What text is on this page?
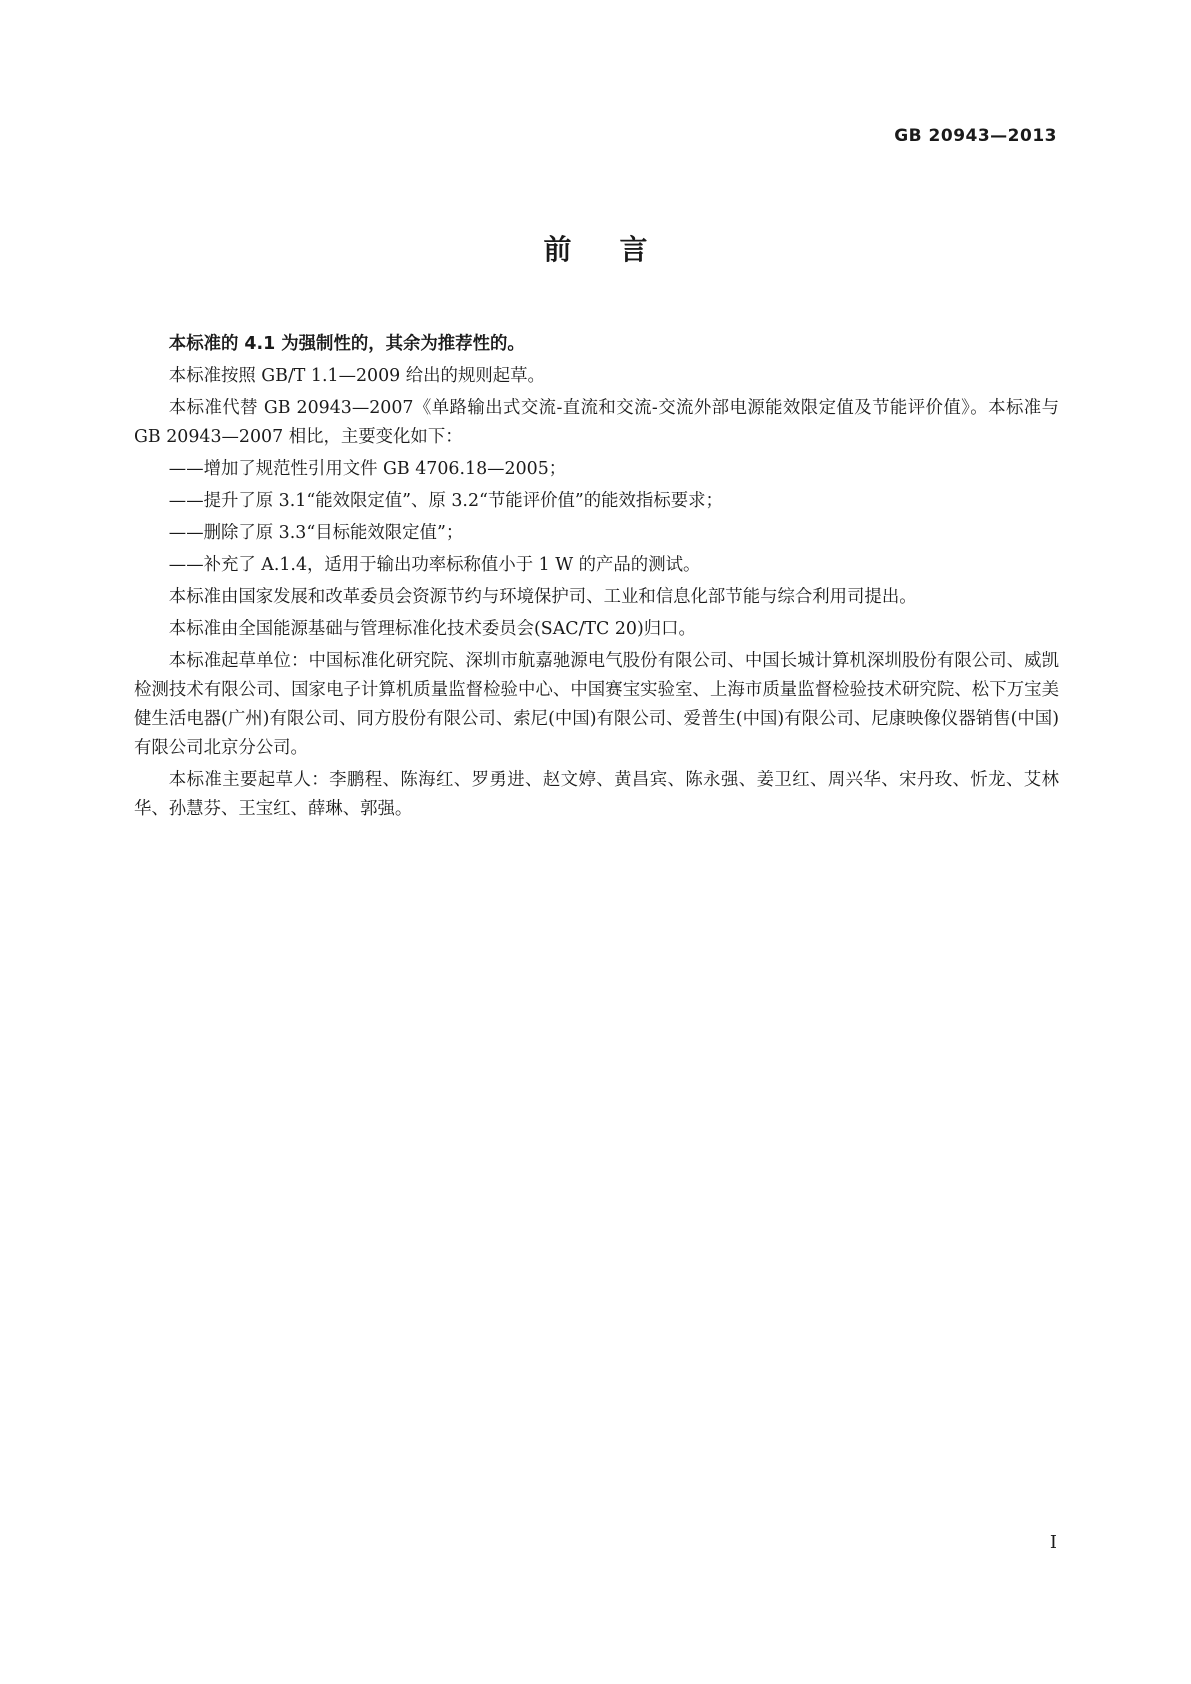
GB 20943—2013
前言

本标准的 4.1 为强制性的，其余为推荐性的。

本标准按照 GB/T 1.1—2009 给出的规则起草。

本标准代替 GB 20943—2007《单路输出式交流-直流和交流-交流外部电源能效限定值及节能评价值》。本标准与 GB 20943—2007 相比，主要变化如下：

——增加了规范性引用文件 GB 4706.18—2005；

——提升了原 3.1“能效限定值”、原 3.2“节能评价值”的能效指标要求；

——删除了原 3.3“目标能效限定值”；

——补充了 A.1.4，适用于输出功率标称值小于 1 W 的产品的测试。

本标准由国家发展和改革委员会资源节约与环境保护司、工业和信息化部节能与综合利用司提出。

本标准由全国能源基础与管理标准化技术委员会(SAC/TC 20)归口。

本标准起草单位：中国标准化研究院、深圳市航嘉驰源电气股份有限公司、中国长城计算机深圳股份有限公司、威凯检测技术有限公司、国家电子计算机质量监督检验中心、中国赛宝实验室、上海市质量监督检验技术研究院、松下万宝美健生活电器(广州)有限公司、同方股份有限公司、索尼(中国)有限公司、爱普生(中国)有限公司、尼康映像仪器销售(中国)有限公司北京分公司。

本标准主要起草人：李鹏程、陈海红、罗勇进、赵文婷、黄昌宾、陈永强、姜卫红、周兴华、宋丹玫、忻龙、艾林华、孙慧芬、王宝红、薛琳、郭强。

I
